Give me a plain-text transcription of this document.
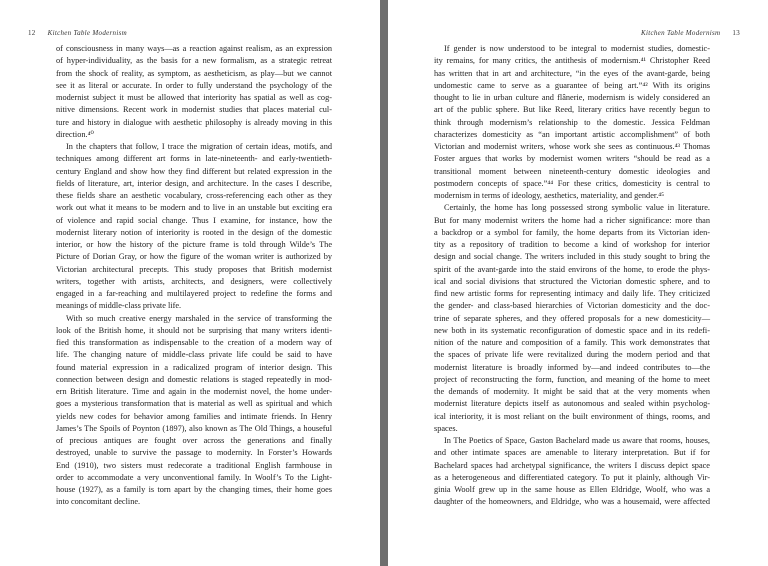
12 Kitchen Table Modernism
of consciousness in many ways—as a reaction against realism, as an expression
of hyper-individuality, as the basis for a new formalism, as a strategic retreat
from the shock of reality, as symptom, as aestheticism, as play—but we cannot
see it as literal or accurate. In order to fully understand the psychology of the
modernist subject it must be allowed that interiority has spatial as well as cog-
nitive dimensions. Recent work in modernist studies that places material cul-
ture and history in dialogue with aesthetic philosophy is already moving in this
direction.⁴⁰
In the chapters that follow, I trace the migration of certain ideas, motifs, and
techniques among different art forms in late-nineteenth- and early-twentieth-
century England and show how they find different but related expression in the
fields of literature, art, interior design, and architecture. In the cases I describe,
these fields share an aesthetic vocabulary, cross-referencing each other as they
work out what it means to be modern and to live in an unstable but exciting era
of violence and rapid social change. Thus I examine, for instance, how the
modernist literary notion of interiority is rooted in the design of the domestic
interior, or how the history of the picture frame is told through Wilde’s The
Picture of Dorian Gray, or how the figure of the woman writer is authorized by
Victorian architectural precepts. This study proposes that British modernist
writers, together with artists, architects, and designers, were collectively
engaged in a far-reaching and multilayered project to redefine the forms and
meanings of middle-class private life.
With so much creative energy marshaled in the service of transforming the
look of the British home, it should not be surprising that many writers identi-
fied this transformation as indispensable to the creation of a modern way of
life. The changing nature of middle-class private life could be said to have
found material expression in a radicalized program of interior design. This
connection between design and domestic relations is staged repeatedly in mod-
ern British literature. Time and again in the modernist novel, the home under-
goes a mysterious transformation that is material as well as spiritual and which
yields new codes for behavior among families and intimate friends. In Henry
James’s The Spoils of Poynton (1897), also known as The Old Things, a houseful
of precious antiques are fought over across the generations and finally
destroyed, unable to survive the passage to modernity. In Forster’s Howards
End (1910), two sisters must redecorate a traditional English farmhouse in
order to accommodate a very unconventional family. In Woolf’s To the Light-
house (1927), as a family is torn apart by the changing times, their home goes
into concomitant decline.
Kitchen Table Modernism 13
If gender is now understood to be integral to modernist studies, domestic-
ity remains, for many critics, the antithesis of modernism.⁴¹ Christopher Reed
has written that in art and architecture, “in the eyes of the avant-garde, being
undomestic came to serve as a guarantee of being art.”⁴² With its origins
thought to lie in urban culture and flânerie, modernism is widely considered an
art of the public sphere. But like Reed, literary critics have recently begun to
think through modernism’s relationship to the domestic. Jessica Feldman
characterizes domesticity as “an important artistic accomplishment” of both
Victorian and modernist writers, whose work she sees as continuous.⁴³ Thomas
Foster argues that works by modernist women writers “should be read as a
transitional moment between nineteenth-century domestic ideologies and
postmodern concepts of space.”⁴⁴ For these critics, domesticity is central to
modernism in terms of ideology, aesthetics, materiality, and gender.⁴⁵
Certainly, the home has long possessed strong symbolic value in literature.
But for many modernist writers the home had a richer significance: more than
a backdrop or a symbol for family, the home departs from its Victorian iden-
tity as a repository of tradition to become a kind of workshop for interior
design and social change. The writers included in this study sought to bring the
spirit of the avant-garde into the staid environs of the home, to erode the phys-
ical and social divisions that structured the Victorian domestic sphere, and to
find new artistic forms for representing intimacy and daily life. They criticized
the gender- and class-based hierarchies of Victorian domesticity and the doc-
trine of separate spheres, and they offered proposals for a new domesticity—
new both in its systematic reconfiguration of domestic space and in its redefi-
nition of the nature and composition of a family. This work demonstrates that
the spaces of private life were revitalized during the modern period and that
modernist literature is broadly informed by—and indeed contributes to—the
project of reconstructing the form, function, and meaning of the home to meet
the demands of modernity. It might be said that at the very moments when
modernist literature depicts itself as autonomous and sealed within psycholog-
ical interiority, it is most reliant on the built environment of things, rooms, and
spaces.
In The Poetics of Space, Gaston Bachelard made us aware that rooms, houses,
and other intimate spaces are amenable to literary interpretation. But if for
Bachelard spaces had archetypal significance, the writers I discuss depict space
as a heterogeneous and differentiated category. To put it plainly, although Vir-
ginia Woolf grew up in the same house as Ellen Eldridge, Woolf, who was a
daughter of the homeowners, and Eldridge, who was a housemaid, were affected
